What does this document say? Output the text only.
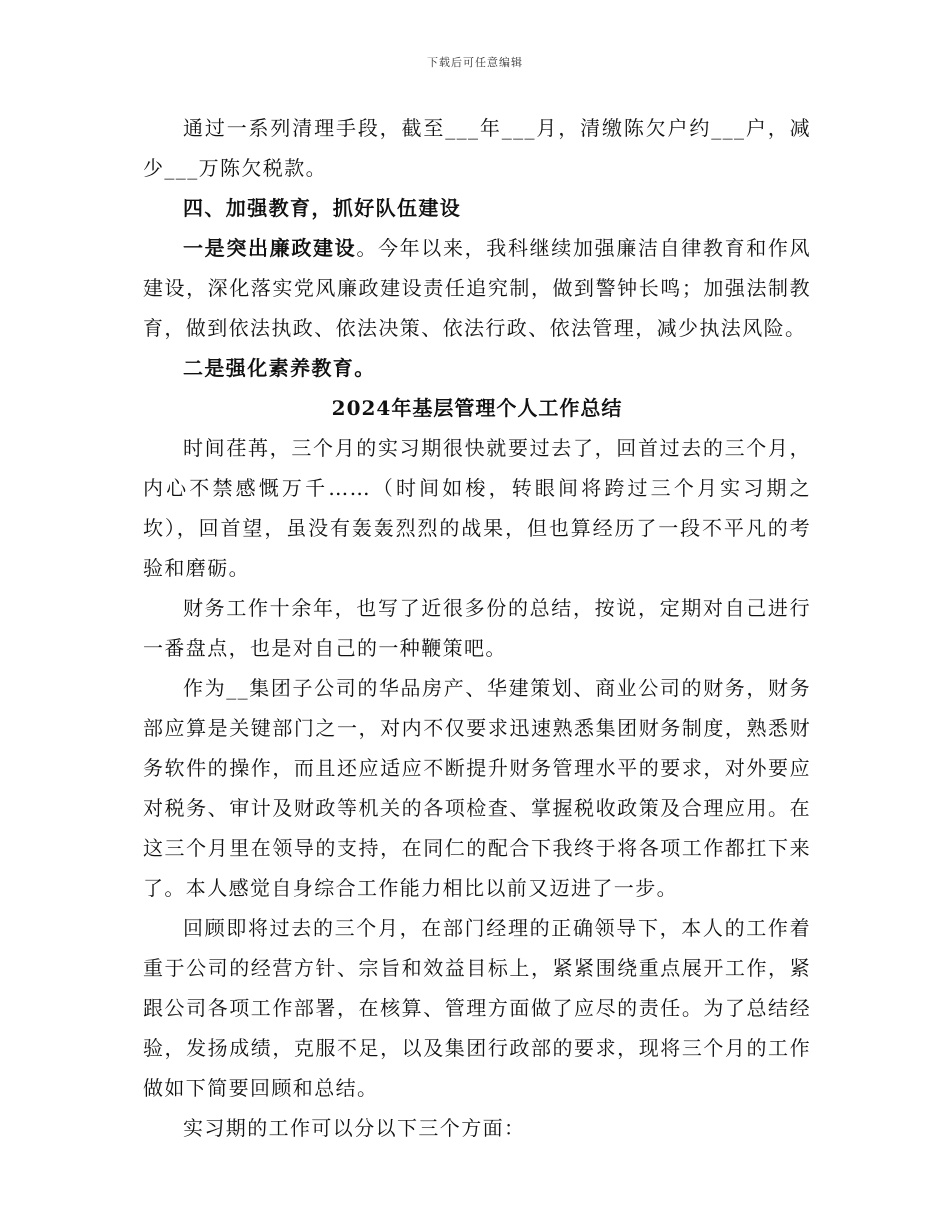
下载后可任意编辑

通过一系列清理手段，截至___年___月，清缴陈欠户约___户，减少___万陈欠税款。

四、加强教育，抓好队伍建设

一是突出廉政建设。今年以来，我科继续加强廉洁自律教育和作风建设，深化落实党风廉政建设责任追究制，做到警钟长鸣；加强法制教育，做到依法执政、依法决策、依法行政、依法管理，减少执法风险。

二是强化素养教育。

2024年基层管理个人工作总结

时间荏苒，三个月的实习期很快就要过去了，回首过去的三个月，内心不禁感慨万千……（时间如梭，转眼间将跨过三个月实习期之坎），回首望，虽没有轰轰烈烈的战果，但也算经历了一段不平凡的考验和磨砺。

财务工作十余年，也写了近很多份的总结，按说，定期对自己进行一番盘点，也是对自己的一种鞭策吧。

作为__集团子公司的华品房产、华建策划、商业公司的财务，财务部应算是关键部门之一，对内不仅要求迅速熟悉集团财务制度，熟悉财务软件的操作，而且还应适应不断提升财务管理水平的要求，对外要应对税务、审计及财政等机关的各项检查、掌握税收政策及合理应用。在这三个月里在领导的支持，在同仁的配合下我终于将各项工作都扛下来了。本人感觉自身综合工作能力相比以前又迈进了一步。

回顾即将过去的三个月，在部门经理的正确领导下，本人的工作着重于公司的经营方针、宗旨和效益目标上，紧紧围绕重点展开工作，紧跟公司各项工作部署，在核算、管理方面做了应尽的责任。为了总结经验，发扬成绩，克服不足，以及集团行政部的要求，现将三个月的工作做如下简要回顾和总结。

实习期的工作可以分以下三个方面：
